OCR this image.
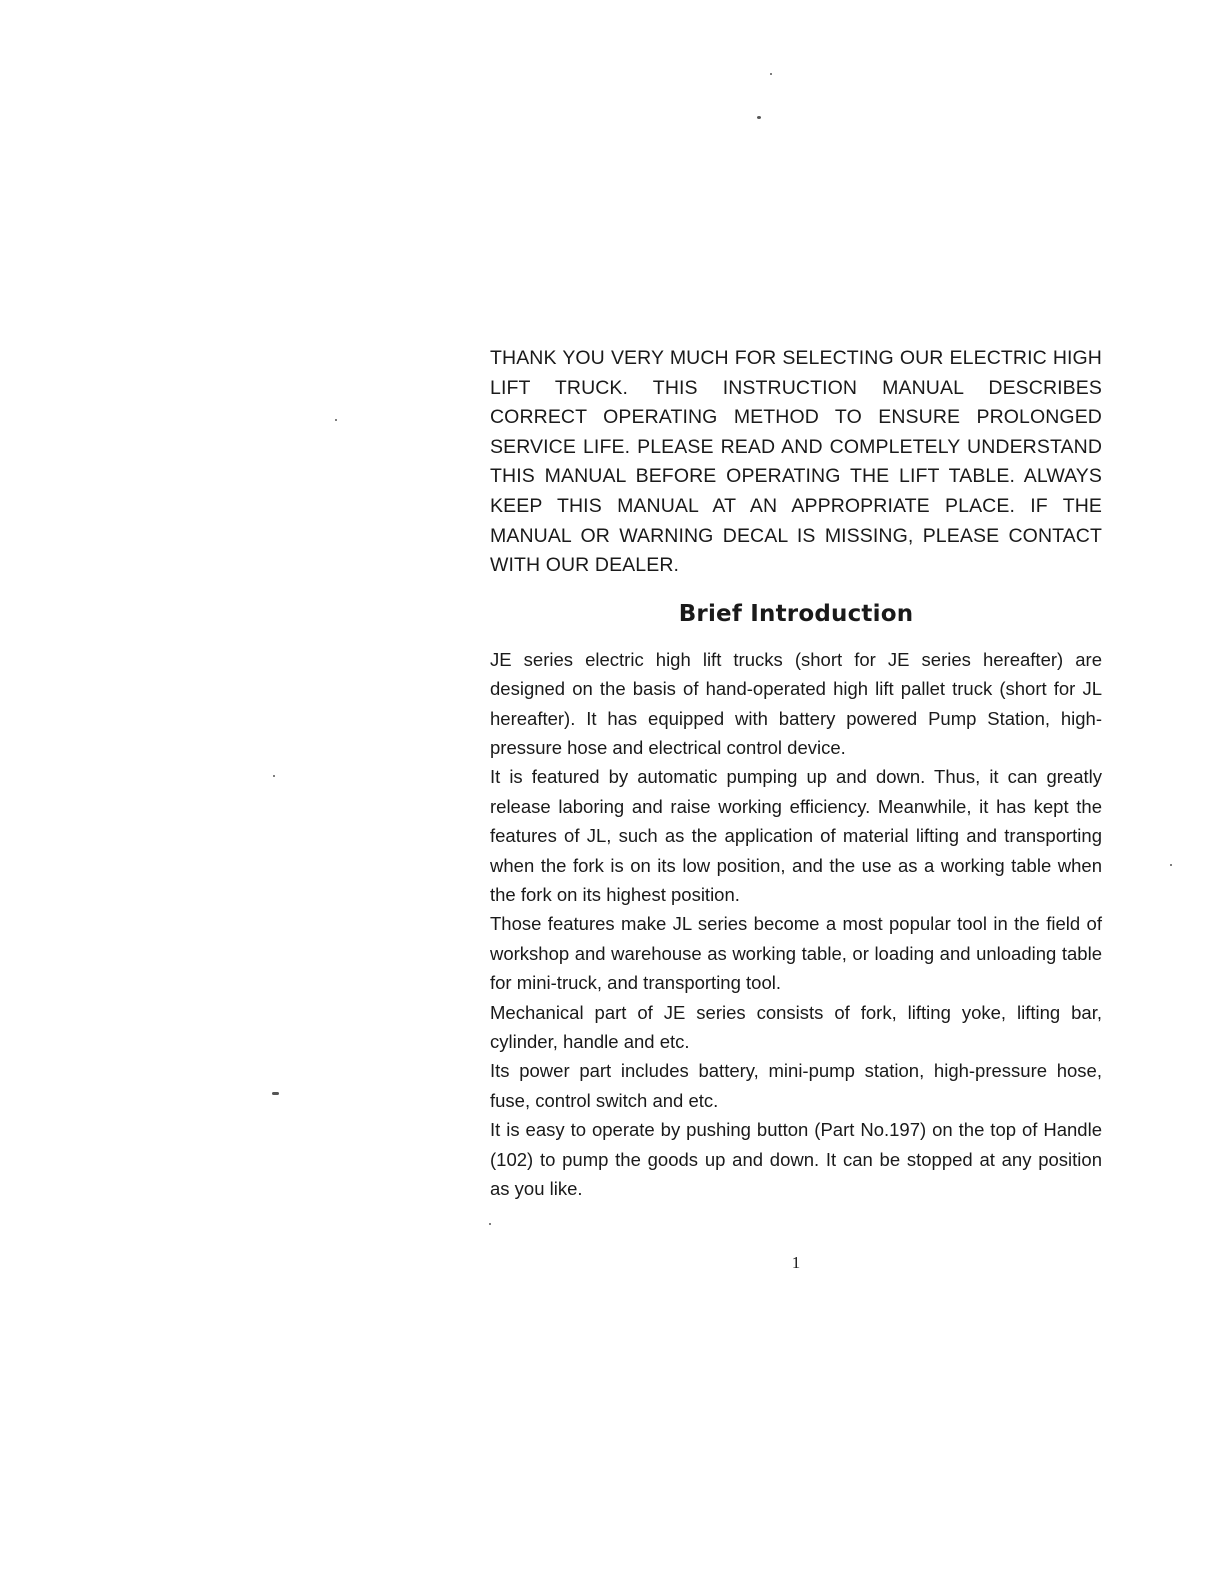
THANK YOU VERY MUCH FOR SELECTING OUR ELECTRIC HIGH LIFT TRUCK. THIS INSTRUCTION MANUAL DESCRIBES CORRECT OPERATING METHOD TO ENSURE PROLONGED SERVICE LIFE. PLEASE READ AND COMPLETELY UNDERSTAND THIS MANUAL BEFORE OPERATING THE LIFT TABLE. ALWAYS KEEP THIS MANUAL AT AN APPROPRIATE PLACE. IF THE MANUAL OR WARNING DECAL IS MISSING, PLEASE CONTACT WITH OUR DEALER.

Brief Introduction

JE series electric high lift trucks (short for JE series hereafter) are designed on the basis of hand-operated high lift pallet truck (short for JL hereafter). It has equipped with battery powered Pump Station, high-pressure hose and electrical control device.

It is featured by automatic pumping up and down. Thus, it can greatly release laboring and raise working efficiency. Meanwhile, it has kept the features of JL, such as the application of material lifting and transporting when the fork is on its low position, and the use as a working table when the fork on its highest position.

Those features make JL series become a most popular tool in the field of workshop and warehouse as working table, or loading and unloading table for mini-truck, and transporting tool.

Mechanical part of JE series consists of fork, lifting yoke, lifting bar, cylinder, handle and etc.

Its power part includes battery, mini-pump station, high-pressure hose, fuse, control switch and etc.

It is easy to operate by pushing button (Part No.197) on the top of Handle (102) to pump the goods up and down. It can be stopped at any position as you like.

1
